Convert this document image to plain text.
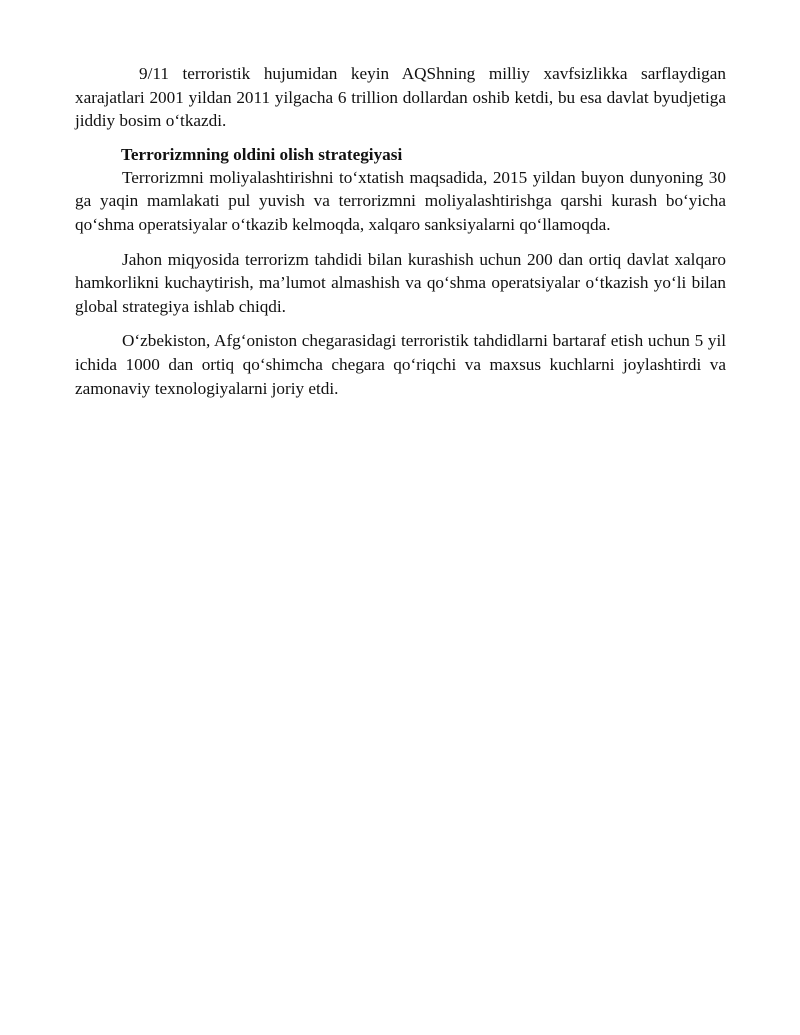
9/11 terroristik hujumidan keyin AQShning milliy xavfsizlikka sarflaydigan xarajatlari 2001 yildan 2011 yilgacha 6 trillion dollardan oshib ketdi, bu esa davlat byudjetiga jiddiy bosim o‘tkazdi.

Terrorizmning oldini olish strategiyasi

Terrorizmni moliyalashtirishni to‘xtatish maqsadida, 2015 yildan buyon dunyoning 30 ga yaqin mamlakati pul yuvish va terrorizmni moliyalashtirishga qarshi kurash bo‘yicha qo‘shma operatsiyalar o‘tkazib kelmoqda, xalqaro sanksiyalarni qo‘llamoqda.

Jahon miqyosida terrorizm tahdidi bilan kurashish uchun 200 dan ortiq davlat xalqaro hamkorlikni kuchaytirish, ma’lumot almashish va qo‘shma operatsiyalar o‘tkazish yo‘li bilan global strategiya ishlab chiqdi.

O‘zbekiston, Afg‘oniston chegarasidagi terroristik tahdidlarni bartaraf etish uchun 5 yil ichida 1000 dan ortiq qo‘shimcha chegara qo‘riqchi va maxsus kuchlarni joylashtirdi va zamonaviy texnologiyalarni joriy etdi.
